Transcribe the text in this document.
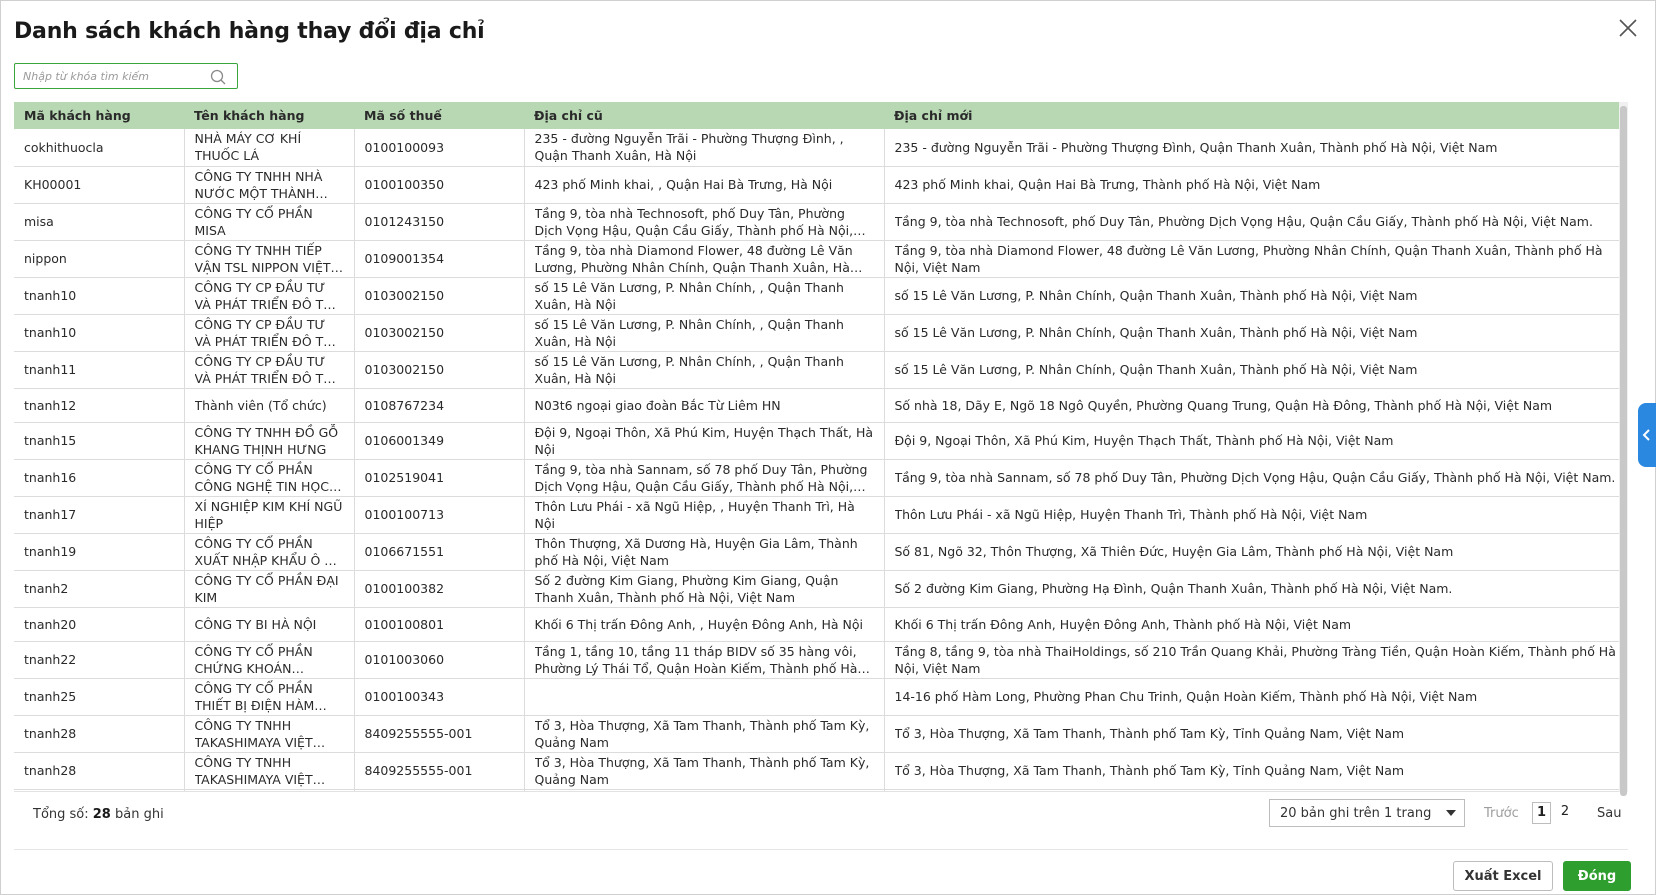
Danh sách khách hàng thay đổi địa chỉ
Nhập từ khóa tìm kiếm
Mã khách hàng	Tên khách hàng	Mã số thuế	Địa chỉ cũ	Địa chỉ mới

cokhithuocla	NHÀ MÁY CƠ KHÍ THUỐC LÁ	0100100093	235 - đường Nguyễn Trãi - Phường Thượng Đình, , Quận Thanh Xuân, Hà Nội	235 - đường Nguyễn Trãi - Phường Thượng Đình, Quận Thanh Xuân, Thành phố Hà Nội, Việt Nam

KH00001	CÔNG TY TNHH NHÀ NƯỚC MỘT THÀNH	0100100350	423 phố Minh khai, , Quận Hai Bà Trưng, Hà Nội	423 phố Minh khai, Quận Hai Bà Trưng, Thành phố Hà Nội, Việt Nam

misa	CÔNG TY CỔ PHẦN MISA	0101243150	Tầng 9, tòa nhà Technosoft, phố Duy Tân, Phường Dịch Vọng Hậu, Quận Cầu Giấy, Thành phố Hà Nội,	Tầng 9, tòa nhà Technosoft, phố Duy Tân, Phường Dịch Vọng Hậu, Quận Cầu Giấy, Thành phố Hà Nội, Việt Nam.

nippon	CÔNG TY TNHH TIẾP VẬN TSL NIPPON VIỆT	0109001354	Tầng 9, tòa nhà Diamond Flower, 48 đường Lê Văn Lương, Phường Nhân Chính, Quận Thanh Xuân, Hà	Tầng 9, tòa nhà Diamond Flower, 48 đường Lê Văn Lương, Phường Nhân Chính, Quận Thanh Xuân, Thành phố Hà Nội, Việt Nam

tnanh10	CÔNG TY CP ĐẦU TƯ VÀ PHÁT TRIỂN ĐÔ THỊ	0103002150	số 15 Lê Văn Lương, P. Nhân Chính, , Quận Thanh Xuân, Hà Nội	số 15 Lê Văn Lương, P. Nhân Chính, Quận Thanh Xuân, Thành phố Hà Nội, Việt Nam

tnanh10	CÔNG TY CP ĐẦU TƯ VÀ PHÁT TRIỂN ĐÔ THỊ	0103002150	số 15 Lê Văn Lương, P. Nhân Chính, , Quận Thanh Xuân, Hà Nội	số 15 Lê Văn Lương, P. Nhân Chính, Quận Thanh Xuân, Thành phố Hà Nội, Việt Nam

tnanh11	CÔNG TY CP ĐẦU TƯ VÀ PHÁT TRIỂN ĐÔ THỊ	0103002150	số 15 Lê Văn Lương, P. Nhân Chính, , Quận Thanh Xuân, Hà Nội	số 15 Lê Văn Lương, P. Nhân Chính, Quận Thanh Xuân, Thành phố Hà Nội, Việt Nam

tnanh12	Thành viên (Tổ chức)	0108767234	N03t6 ngoại giao đoàn Bắc Từ Liêm HN	Số nhà 18, Dãy E, Ngõ 18 Ngô Quyền, Phường Quang Trung, Quận Hà Đông, Thành phố Hà Nội, Việt Nam

tnanh15	CÔNG TY TNHH ĐỒ GỖ KHANG THỊNH HƯNG	0106001349	Đội 9, Ngoại Thôn, Xã Phú Kim, Huyện Thạch Thất, Hà Nội	Đội 9, Ngoại Thôn, Xã Phú Kim, Huyện Thạch Thất, Thành phố Hà Nội, Việt Nam

tnanh16	CÔNG TY CỔ PHẦN CÔNG NGHỆ TIN HỌC	0102519041	Tầng 9, tòa nhà Sannam, số 78 phố Duy Tân, Phường Dịch Vọng Hậu, Quận Cầu Giấy, Thành phố Hà Nội,	Tầng 9, tòa nhà Sannam, số 78 phố Duy Tân, Phường Dịch Vọng Hậu, Quận Cầu Giấy, Thành phố Hà Nội, Việt Nam.

tnanh17	XÍ NGHIỆP KIM KHÍ NGŨ HIỆP	0100100713	Thôn Lưu Phái - xã Ngũ Hiệp, , Huyện Thanh Trì, Hà Nội	Thôn Lưu Phái - xã Ngũ Hiệp, Huyện Thanh Trì, Thành phố Hà Nội, Việt Nam

tnanh19	CÔNG TY CỔ PHẦN XUẤT NHẬP KHẨU Ô TÔ	0106671551	Thôn Thượng, Xã Dương Hà, Huyện Gia Lâm, Thành phố Hà Nội, Việt Nam	Số 81, Ngõ 32, Thôn Thượng, Xã Thiên Đức, Huyện Gia Lâm, Thành phố Hà Nội, Việt Nam

tnanh2	CÔNG TY CỔ PHẦN ĐẠI KIM	0100100382	Số 2 đường Kim Giang, Phường Kim Giang, Quận Thanh Xuân, Thành phố Hà Nội, Việt Nam	Số 2 đường Kim Giang, Phường Hạ Đình, Quận Thanh Xuân, Thành phố Hà Nội, Việt Nam.

tnanh20	CÔNG TY BI HÀ NỘI	0100100801	Khối 6 Thị trấn Đông Anh, , Huyện Đông Anh, Hà Nội	Khối 6 Thị trấn Đông Anh, Huyện Đông Anh, Thành phố Hà Nội, Việt Nam

tnanh22	CÔNG TY CỔ PHẦN CHỨNG KHOÁN	0101003060	Tầng 1, tầng 10, tầng 11 tháp BIDV số 35 hàng vôi, Phường Lý Thái Tổ, Quận Hoàn Kiếm, Thành phố Hà	Tầng 8, tầng 9, tòa nhà ThaiHoldings, số 210 Trần Quang Khải, Phường Tràng Tiền, Quận Hoàn Kiếm, Thành phố Hà Nội, Việt Nam

tnanh25	CÔNG TY CỔ PHẦN THIẾT BỊ ĐIỆN HÀM	0100100343		14-16 phố Hàm Long, Phường Phan Chu Trinh, Quận Hoàn Kiếm, Thành phố Hà Nội, Việt Nam

tnanh28	CÔNG TY TNHH TAKASHIMAYA VIỆT	8409255555-001	Tổ 3, Hòa Thượng, Xã Tam Thanh, Thành phố Tam Kỳ, Quảng Nam	Tổ 3, Hòa Thượng, Xã Tam Thanh, Thành phố Tam Kỳ, Tỉnh Quảng Nam, Việt Nam

tnanh28	CÔNG TY TNHH TAKASHIMAYA VIỆT	8409255555-001	Tổ 3, Hòa Thượng, Xã Tam Thanh, Thành phố Tam Kỳ, Quảng Nam	Tổ 3, Hòa Thượng, Xã Tam Thanh, Thành phố Tam Kỳ, Tỉnh Quảng Nam, Việt Nam

Tổng số: 28 bản ghi	20 bản ghi trên 1 trang	Trước	1	2	Sau
Xuất Excel	Đóng
